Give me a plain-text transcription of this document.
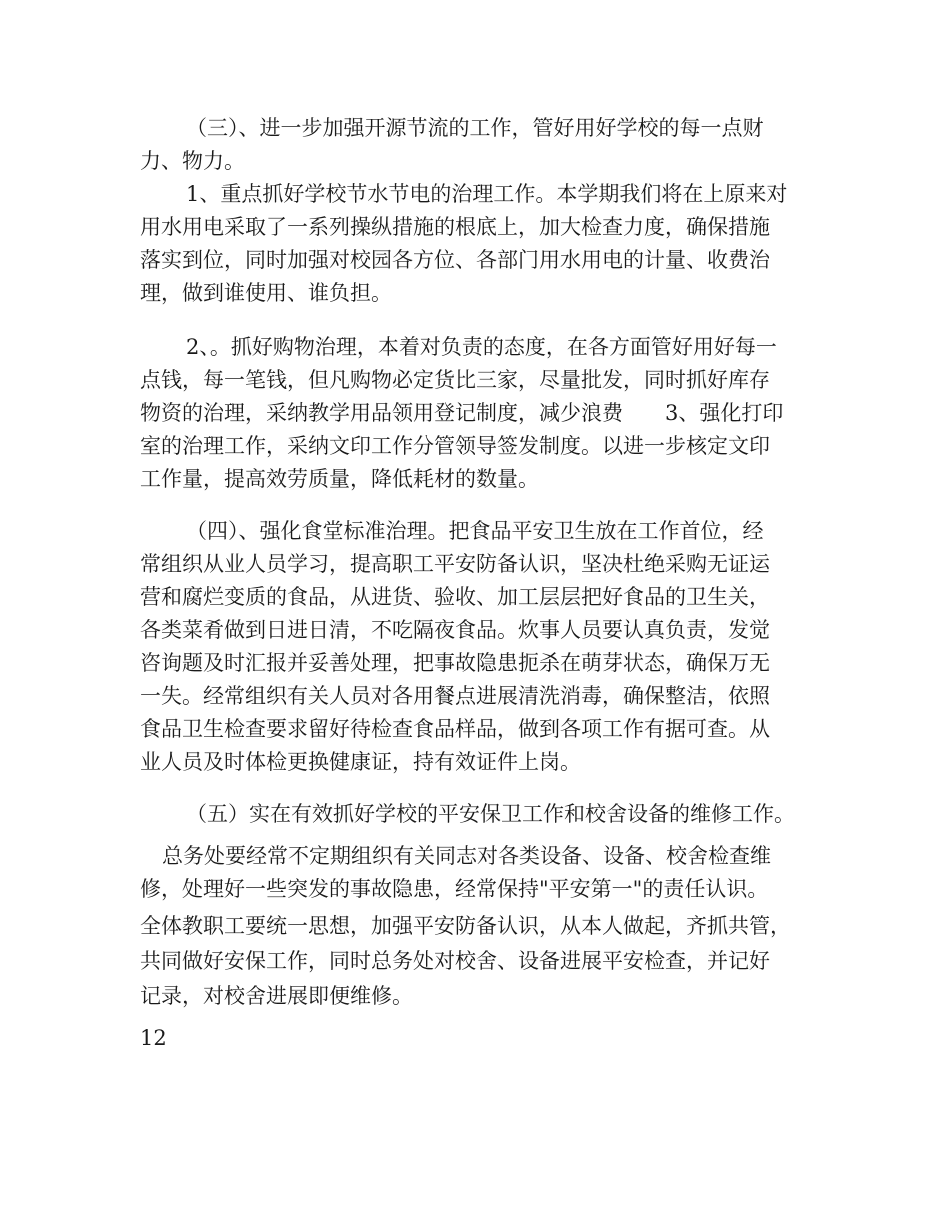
（三）、进一步加强开源节流的工作，管好用好学校的每一点财
力、物力。
1、重点抓好学校节水节电的治理工作。本学期我们将在上原来对
用水用电采取了一系列操纵措施的根底上，加大检查力度，确保措施
落实到位，同时加强对校园各方位、各部门用水用电的计量、收费治
理，做到谁使用、谁负担。
2、。抓好购物治理，本着对负责的态度，在各方面管好用好每一
点钱，每一笔钱，但凡购物必定货比三家，尽量批发，同时抓好库存
物资的治理，采纳教学用品领用登记制度，减少浪费　　3、强化打印
室的治理工作，采纳文印工作分管领导签发制度。以进一步核定文印
工作量，提高效劳质量，降低耗材的数量。
（四）、强化食堂标准治理。把食品平安卫生放在工作首位，经
常组织从业人员学习，提高职工平安防备认识，坚决杜绝采购无证运
营和腐烂变质的食品，从进货、验收、加工层层把好食品的卫生关，
各类菜肴做到日进日清，不吃隔夜食品。炊事人员要认真负责，发觉
咨询题及时汇报并妥善处理，把事故隐患扼杀在萌芽状态，确保万无
一失。经常组织有关人员对各用餐点进展清洗消毒，确保整洁，依照
食品卫生检查要求留好待检查食品样品，做到各项工作有据可查。从
业人员及时体检更换健康证，持有效证件上岗。
（五）实在有效抓好学校的平安保卫工作和校舍设备的维修工作。
总务处要经常不定期组织有关同志对各类设备、设备、校舍检查维
修，处理好一些突发的事故隐患，经常保持"平安第一"的责任认识。
全体教职工要统一思想，加强平安防备认识，从本人做起，齐抓共管，
共同做好安保工作，同时总务处对校舍、设备进展平安检查，并记好
记录，对校舍进展即便维修。
12
